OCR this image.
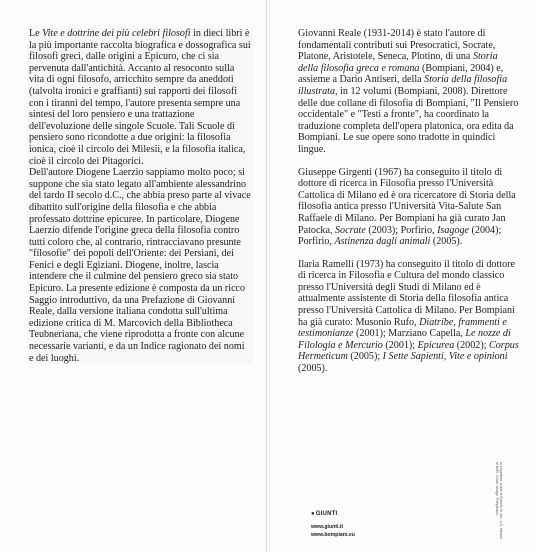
Le Vite e dottrine dei più celebri filosofi in dieci libri è la più importante raccolta biografica e dossografica sui filosofi greci, dalle origini a Epicuro, che ci sia pervenuta dall'antichità. Accanto al resoconto sulla vita di ogni filosofo, arricchito sempre da aneddoti (talvolta ironici e graffianti) sui rapporti dei filosofi con i tiranni del tempo, l'autore presenta sempre una sintesi del loro pensiero e una trattazione dell'evoluzione delle singole Scuole. Tali Scuole di pensiero sono ricondotte a due origini: la filosofia ionica, cioè il circolo dei Milesii, e la filosofia italica, cioè il circolo dei Pitagorici.

Dell'autore Diogene Laerzio sappiamo molto poco; si suppone che sia stato legato all'ambiente alessandrino del tardo II secolo d.C., che abbia preso parte al vivace dibattito sull'origine della filosofia e che abbia professato dottrine epicuree. In particolare, Diogene Laerzio difende l'origine greca della filosofia contro tutti coloro che, al contrario, rintracciavano presunte "filosofie" dei popoli dell'Oriente: dei Persiani, dei Fenici e degli Egiziani. Diogene, inoltre, lascia intendere che il culmine del pensiero greco sia stato Epicuro. La presente edizione è composta da un ricco Saggio introduttivo, da una Prefazione di Giovanni Reale, dalla versione italiana condotta sull'ultima edizione critica di M. Marcovich della Bibliotheca Teubneriana, che viene riprodotta a fronte con alcune necessarie varianti, e da un Indice ragionato dei nomi e dei luoghi.

Giovanni Reale (1931-2014) è stato l'autore di fondamentali contributi sui Presocratici, Socrate, Platone, Aristotele, Seneca, Plotino, di una Storia della filosofia greca e romana (Bompiani, 2004) e, assieme a Dario Antiseri, della Storia della filosofia illustrata, in 12 volumi (Bompiani, 2008). Direttore delle due collane di filosofia di Bompiani, "Il Pensiero occidentale" e "Testi a fronte", ha coordinato la traduzione completa dell'opera platonica, ora edita da Bompiani. Le sue opere sono tradotte in quindici lingue.

Giuseppe Girgenti (1967) ha conseguito il titolo di dottore di ricerca in Filosofia presso l'Università Cattolica di Milano ed è ora ricercatore di Storia della filosofia antica presso l'Università Vita-Salute San Raffaele di Milano. Per Bompiani ha già curato Jan Patocka, Socrate (2003); Porfirio, Isagoge (2004); Porfirio, Astinenza dagli animali (2005).

Ilaria Ramelli (1973) ha conseguito il titolo di dottore di ricerca in Filosofia e Cultura del mondo classico presso l'Università degli Studi di Milano ed è attualmente assistente di Storia della filosofia antica presso l'Università Cattolica di Milano. Per Bompiani ha già curato: Musonio Rufo, Diatribe, frammenti e testimonianze (2001); Marziano Capella, Le nozze di Filologia e Mercurio (2001); Epicurea (2002); Corpus Hermeticum (2005); I Sette Sapienti, Vite e opinioni (2005).

● GIUNTI
www.giunti.it
www.bompiani.eu	In copertina: busto di filosofo IV sec. a.C. Museo di Delfi. Cover design: Polystudio.
